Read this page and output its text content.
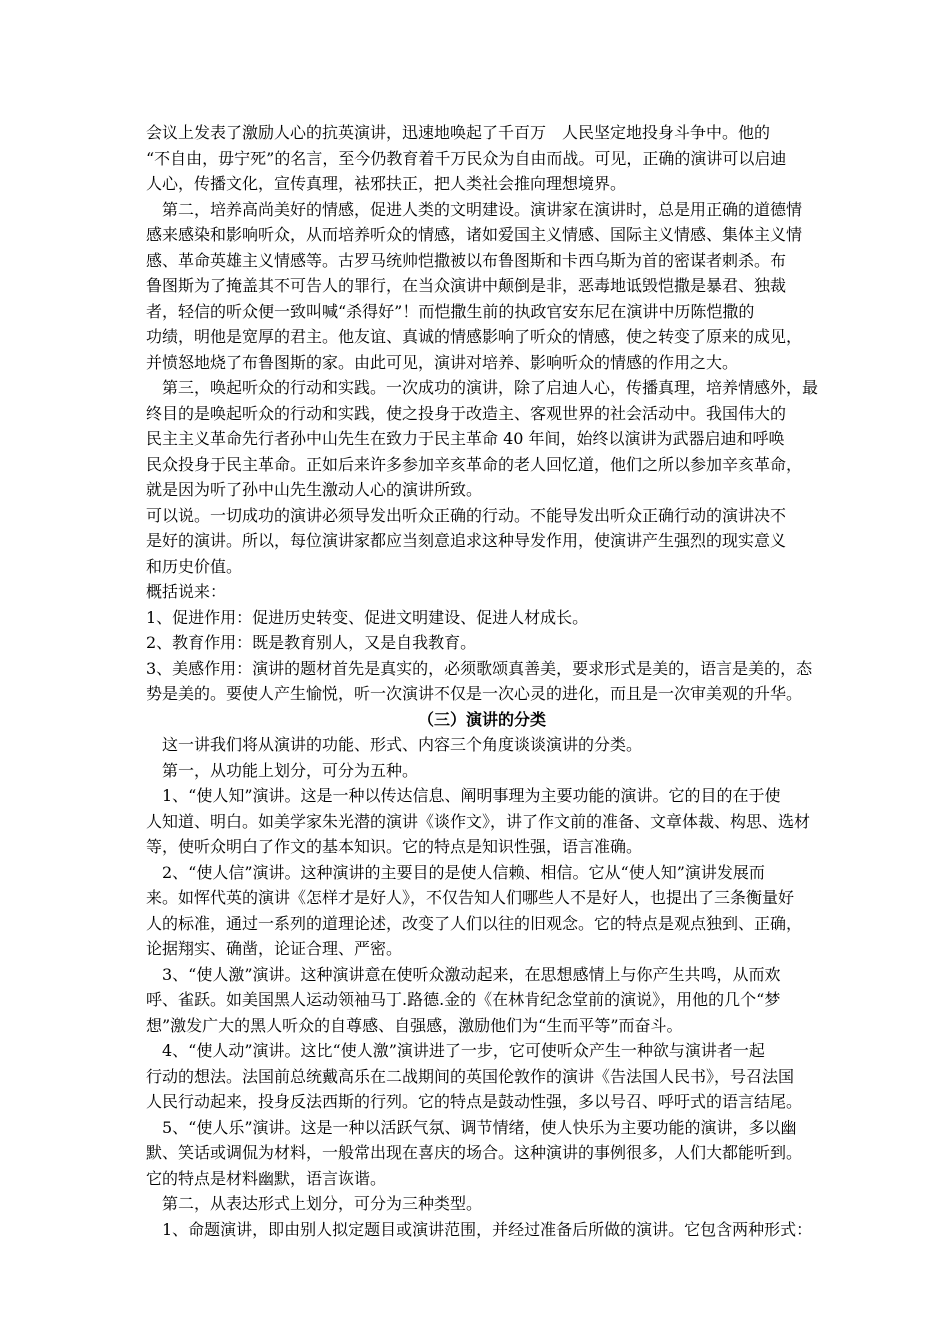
会议上发表了激励人心的抗英演讲，迅速地唤起了千百万　人民坚定地投身斗争中。他的
“不自由，毋宁死”的名言，至今仍教育着千万民众为自由而战。可见，正确的演讲可以启迪
人心，传播文化，宣传真理，袪邪扶正，把人类社会推向理想境界。
　第二，培养高尚美好的情感，促进人类的文明建设。演讲家在演讲时，总是用正确的道德情
感来感染和影响听众，从而培养听众的情感，诸如爱国主义情感、国际主义情感、集体主义情
感、革命英雄主义情感等。古罗马统帅恺撒被以布鲁图斯和卡西乌斯为首的密谋者刺杀。布
鲁图斯为了掩盖其不可告人的罪行，在当众演讲中颠倒是非，恶毒地诋毁恺撒是暴君、独裁
者，轻信的听众便一致叫喊“杀得好”！而恺撒生前的执政官安东尼在演讲中历陈恺撒的
功绩，明他是宽厚的君主。他友谊、真诚的情感影响了听众的情感，使之转变了原来的成见，
并愤怒地烧了布鲁图斯的家。由此可见，演讲对培养、影响听众的情感的作用之大。
　第三，唤起听众的行动和实践。一次成功的演讲，除了启迪人心，传播真理，培养情感外，最
终目的是唤起听众的行动和实践，使之投身于改造主、客观世界的社会活动中。我国伟大的
民主主义革命先行者孙中山先生在致力于民主革命 40 年间，始终以演讲为武器启迪和呼唤
民众投身于民主革命。正如后来许多参加辛亥革命的老人回忆道，他们之所以参加辛亥革命，
就是因为听了孙中山先生激动人心的演讲所致。
可以说。一切成功的演讲必须导发出听众正确的行动。不能导发出听众正确行动的演讲决不
是好的演讲。所以，每位演讲家都应当刻意追求这种导发作用，使演讲产生强烈的现实意义
和历史价值。
概括说来：
1、促进作用：促进历史转变、促进文明建设、促进人材成长。
2、教育作用：既是教育别人，又是自我教育。
3、美感作用：演讲的题材首先是真实的，必须歌颂真善美，要求形式是美的，语言是美的，态
势是美的。要使人产生愉悦，听一次演讲不仅是一次心灵的进化，而且是一次审美观的升华。
（三）演讲的分类
　这一讲我们将从演讲的功能、形式、内容三个角度谈谈演讲的分类。
　第一，从功能上划分，可分为五种。
　1、“使人知”演讲。这是一种以传达信息、阐明事理为主要功能的演讲。它的目的在于使
人知道、明白。如美学家朱光潜的演讲《谈作文》，讲了作文前的准备、文章体裁、构思、选材
等，使听众明白了作文的基本知识。它的特点是知识性强，语言准确。
　2、“使人信”演讲。这种演讲的主要目的是使人信赖、相信。它从“使人知”演讲发展而
来。如恽代英的演讲《怎样才是好人》，不仅告知人们哪些人不是好人，也提出了三条衡量好
人的标准，通过一系列的道理论述，改变了人们以往的旧观念。它的特点是观点独到、正确，
论据翔实、确凿，论证合理、严密。
　3、“使人激”演讲。这种演讲意在使听众激动起来，在思想感情上与你产生共鸣，从而欢
呼、雀跃。如美国黑人运动领袖马丁.路德.金的《在林肯纪念堂前的演说》，用他的几个“梦
想”激发广大的黑人听众的自尊感、自强感，激励他们为“生而平等”而奋斗。
　4、“使人动”演讲。这比“使人激”演讲进了一步，它可使听众产生一种欲与演讲者一起
行动的想法。法国前总统戴高乐在二战期间的英国伦敦作的演讲《告法国人民书》，号召法国
人民行动起来，投身反法西斯的行列。它的特点是鼓动性强，多以号召、呼吁式的语言结尾。
　5、“使人乐”演讲。这是一种以活跃气氛、调节情绪，使人快乐为主要功能的演讲，多以幽
默、笑话或调侃为材料，一般常出现在喜庆的场合。这种演讲的事例很多，人们大都能听到。
它的特点是材料幽默，语言诙谐。
　第二，从表达形式上划分，可分为三种类型。
　1、命题演讲，即由别人拟定题目或演讲范围，并经过准备后所做的演讲。它包含两种形式：
